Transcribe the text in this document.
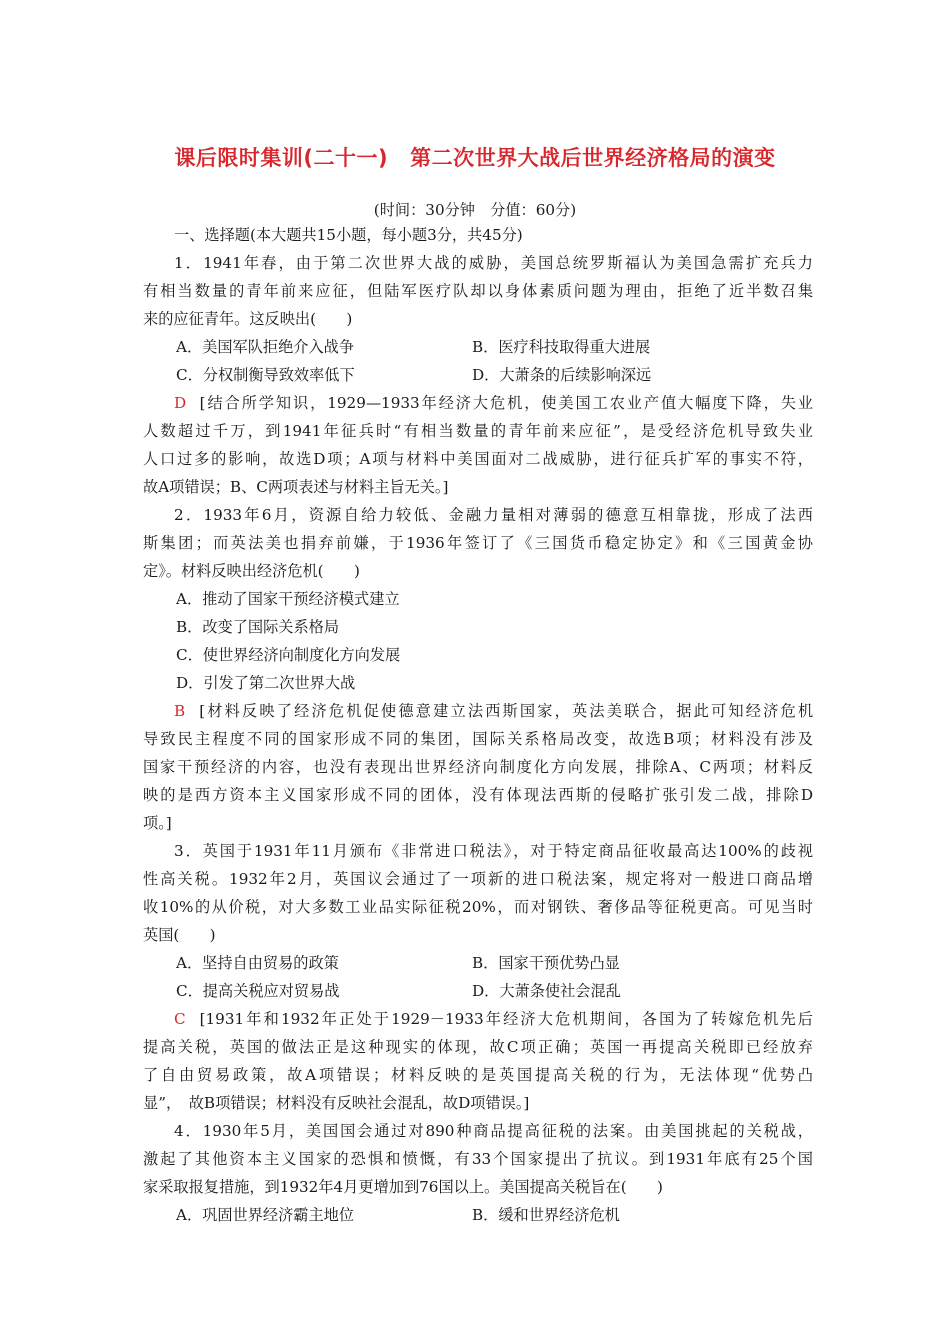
课后限时集训(二十一) 第二次世界大战后世界经济格局的演变
(时间：30分钟　分值：60分)
一、选择题(本大题共15小题，每小题3分，共45分)
1．1941年春，由于第二次世界大战的威胁，美国总统罗斯福认为美国急需扩充兵力
有相当数量的青年前来应征，但陆军医疗队却以身体素质问题为理由，拒绝了近半数召集
来的应征青年。这反映出(　　)
A．美国军队拒绝介入战争	B．医疗科技取得重大进展
C．分权制衡导致效率低下	D．大萧条的后续影响深远
D [结合所学知识，1929—1933年经济大危机，使美国工农业产值大幅度下降，失业
人数超过千万，到1941年征兵时“有相当数量的青年前来应征”，是受经济危机导致失业
人口过多的影响，故选D项；A项与材料中美国面对二战威胁，进行征兵扩军的事实不符，
故A项错误；B、C两项表述与材料主旨无关。]
2．1933年6月，资源自给力较低、金融力量相对薄弱的德意互相靠拢，形成了法西
斯集团；而英法美也捐弃前嫌，于1936年签订了《三国货币稳定协定》和《三国黄金协
定》。材料反映出经济危机(　　)
A．推动了国家干预经济模式建立
B．改变了国际关系格局
C．使世界经济向制度化方向发展
D．引发了第二次世界大战
B [材料反映了经济危机促使德意建立法西斯国家，英法美联合，据此可知经济危机
导致民主程度不同的国家形成不同的集团，国际关系格局改变，故选B项；材料没有涉及
国家干预经济的内容，也没有表现出世界经济向制度化方向发展，排除A、C两项；材料反
映的是西方资本主义国家形成不同的团体，没有体现法西斯的侵略扩张引发二战，排除D
项。]
3．英国于1931年11月颁布《非常进口税法》，对于特定商品征收最高达100%的歧视
性高关税。1932年2月，英国议会通过了一项新的进口税法案，规定将对一般进口商品增
收10%的从价税，对大多数工业品实际征税20%，而对钢铁、奢侈品等征税更高。可见当时
英国(　　)
A．坚持自由贸易的政策	B．国家干预优势凸显
C．提高关税应对贸易战	D．大萧条使社会混乱
C [1931年和1932年正处于1929－1933年经济大危机期间，各国为了转嫁危机先后
提高关税，英国的做法正是这种现实的体现，故C项正确；英国一再提高关税即已经放弃
了自由贸易政策，故A项错误；材料反映的是英国提高关税的行为，无法体现“优势凸
显”，　故B项错误；材料没有反映社会混乱，故D项错误。]
4．1930年5月，美国国会通过对890种商品提高征税的法案。由美国挑起的关税战，
激起了其他资本主义国家的恐惧和愤慨，有33个国家提出了抗议。到1931年底有25个国
家采取报复措施，到1932年4月更增加到76国以上。美国提高关税旨在(　　)
A．巩固世界经济霸主地位	B．缓和世界经济危机
